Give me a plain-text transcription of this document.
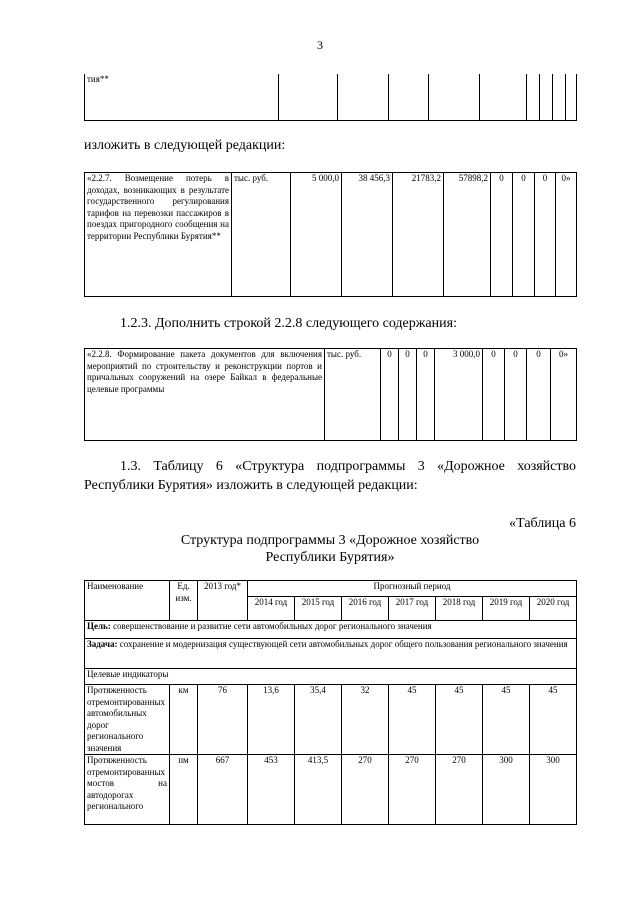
3
тия**									
изложить в следующей редакции:
«2.2.7. Возмещение потерь в доходах, возникающих в результате государственного регулирования тарифов на перевозки пассажиров в поездах пригородного сообщения на территории Республики Бурятия**	тыс. руб.	5 000,0	38 456,3	21783,2	57898,2	0	0	0	0»
1.2.3. Дополнить строкой 2.2.8 следующего содержания:
«2.2.8. Формирование пакета документов для включения мероприятий по строительству и реконструкции портов и причальных сооружений на озере Байкал в федеральные целевые программы	тыс. руб.	0	0	0	3 000,0	0	0	0	0»
1.3. Таблицу 6 «Структура подпрограммы 3 «Дорожное хозяйство Республики Бурятия» изложить в следующей редакции:
«Таблица 6
Структура подпрограммы 3 «Дорожное хозяйство
Республики Бурятия»
Наименование	Ед. изм.	2013 год*	Прогнозный период						
			2014 год	2015 год	2016 год	2017 год	2018 год	2019 год	2020 год
Цель: совершенствование и развитие сети автомобильных дорог регионального значения									
Задача: сохранение и модернизация существующей сети автомобильных дорог общего пользования регионального значения									
Целевые индикаторы									
Протяженность отремонтированных автомобильных дорог регионального значения	км	76	13,6	35,4	32	45	45	45	45
Протяженность отремонтированных мостов на автодорогах регионального	пм	667	453	413,5	270	270	270	300	300
